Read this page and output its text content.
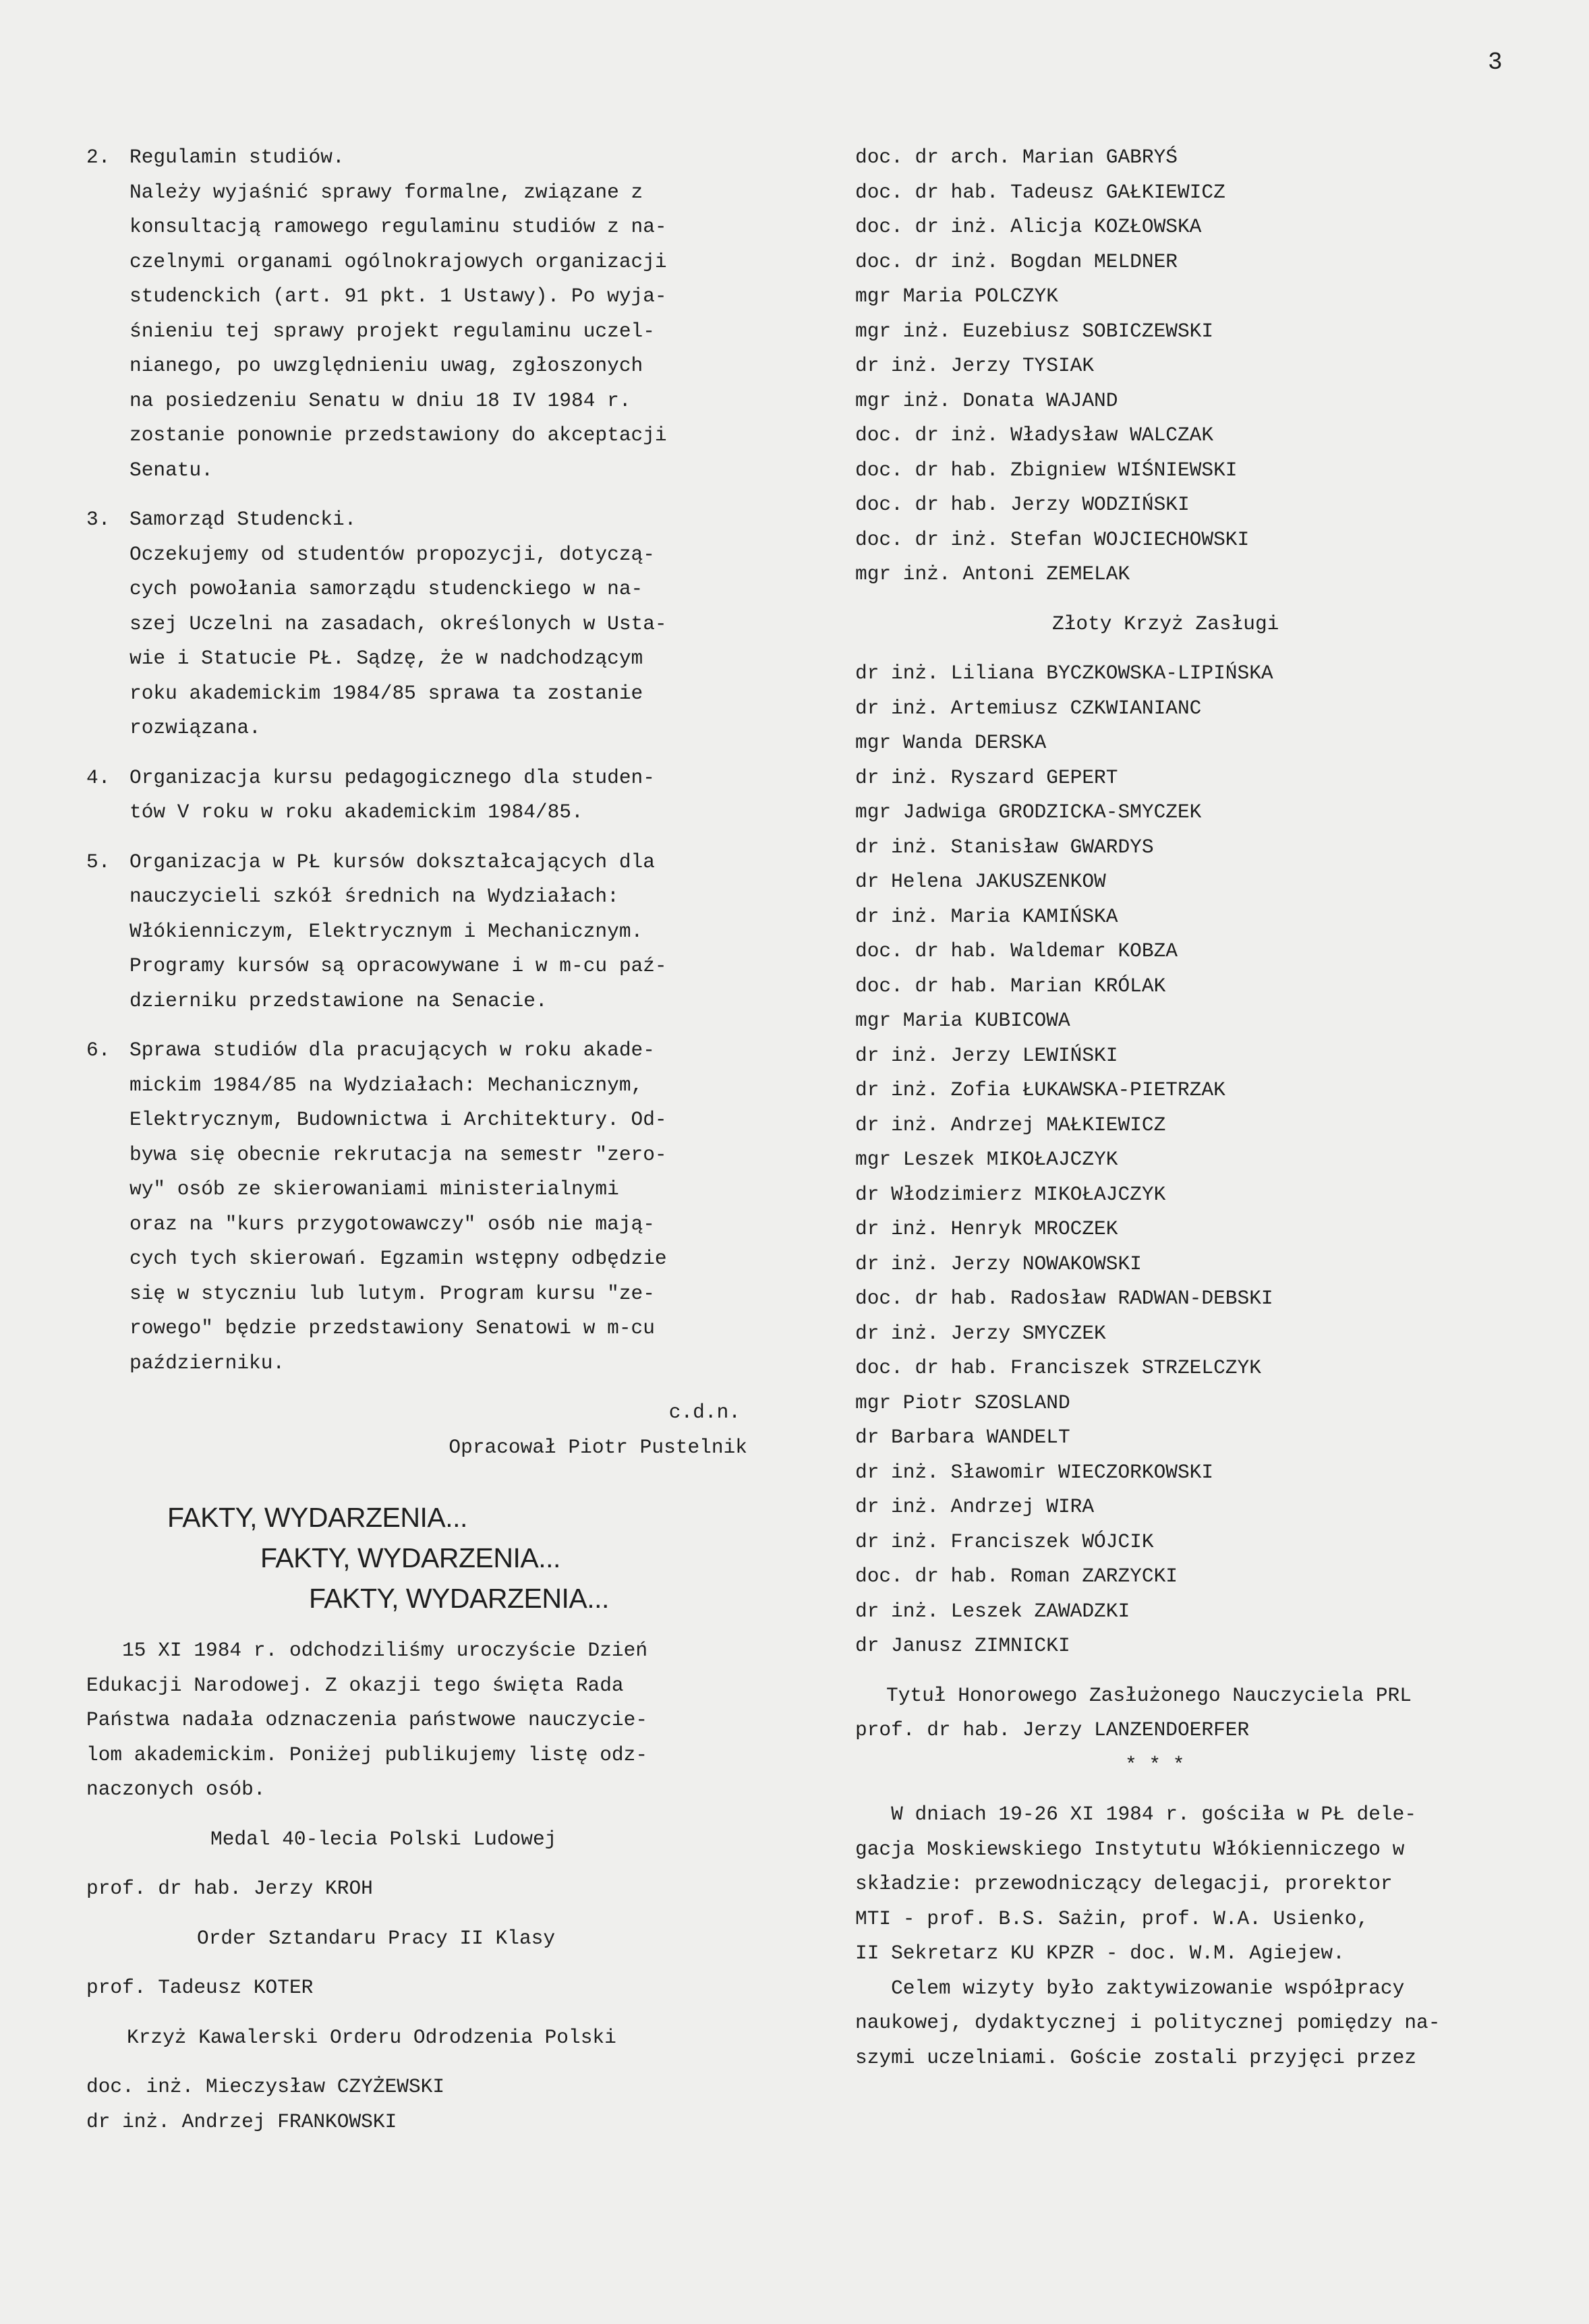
3
2. Regulamin studiów.

Należy wyjaśnić sprawy formalne, związane z

konsultacją ramowego regulaminu studiów z na-

czelnymi organami ogólnokrajowych organizacji

studenckich (art. 91 pkt. 1 Ustawy). Po wyja-

śnieniu tej sprawy projekt regulaminu uczel-

nianego, po uwzględnieniu uwag, zgłoszonych

na posiedzeniu Senatu w dniu 18 IV 1984 r.

zostanie ponownie przedstawiony do akceptacji

Senatu.

3. Samorząd Studencki.

Oczekujemy od studentów propozycji, dotyczą-

cych powołania samorządu studenckiego w na-

szej Uczelni na zasadach, określonych w Usta-

wie i Statucie PŁ. Sądzę, że w nadchodzącym

roku akademickim 1984/85 sprawa ta zostanie

rozwiązana.

4. Organizacja kursu pedagogicznego dla studen-

tów V roku w roku akademickim 1984/85.

5. Organizacja w PŁ kursów dokształcających dla

nauczycieli szkół średnich na Wydziałach:

Włókienniczym, Elektrycznym i Mechanicznym.

Programy kursów są opracowywane i w m-cu paź-

dzierniku przedstawione na Senacie.

6. Sprawa studiów dla pracujących w roku akade-

mickim 1984/85 na Wydziałach: Mechanicznym,

Elektrycznym, Budownictwa i Architektury. Od-

bywa się obecnie rekrutacja na semestr "zero-

wy" osób ze skierowaniami ministerialnymi

oraz na "kurs przygotowawczy" osób nie mają-

cych tych skierowań. Egzamin wstępny odbędzie

się w styczniu lub lutym. Program kursu "ze-

rowego" będzie przedstawiony Senatowi w m-cu

październiku.

c.d.n.

Opracował Piotr Pustelnik

FAKTY, WYDARZENIA...

FAKTY, WYDARZENIA...

FAKTY, WYDARZENIA...

15 XI 1984 r. odchodziliśmy uroczyście Dzień

Edukacji Narodowej. Z okazji tego święta Rada

Państwa nadała odznaczenia państwowe nauczycie-

lom akademickim. Poniżej publikujemy listę odz-

naczonych osób.

Medal 40-lecia Polski Ludowej

prof. dr hab. Jerzy KROH

Order Sztandaru Pracy II Klasy

prof. Tadeusz KOTER

Krzyż Kawalerski Orderu Odrodzenia Polski

doc. inż. Mieczysław CZYŻEWSKI

dr inż. Andrzej FRANKOWSKI

doc. dr arch. Marian GABRYŚ

doc. dr hab. Tadeusz GAŁKIEWICZ

doc. dr inż. Alicja KOZŁOWSKA

doc. dr inż. Bogdan MELDNER

mgr Maria POLCZYK

mgr inż. Euzebiusz SOBICZEWSKI

dr inż. Jerzy TYSIAK

mgr inż. Donata WAJAND

doc. dr inż. Władysław WALCZAK

doc. dr hab. Zbigniew WIŚNIEWSKI

doc. dr hab. Jerzy WODZIŃSKI

doc. dr inż. Stefan WOJCIECHOWSKI

mgr inż. Antoni ZEMELAK

Złoty Krzyż Zasługi

dr inż. Liliana BYCZKOWSKA-LIPIŃSKA

dr inż. Artemiusz CZKWIANIANC

mgr Wanda DERSKA

dr inż. Ryszard GEPERT

mgr Jadwiga GRODZICKA-SMYCZEK

dr inż. Stanisław GWARDYS

dr Helena JAKUSZENKOW

dr inż. Maria KAMIŃSKA

doc. dr hab. Waldemar KOBZA

doc. dr hab. Marian KRÓLAK

mgr Maria KUBICOWA

dr inż. Jerzy LEWIŃSKI

dr inż. Zofia ŁUKAWSKA-PIETRZAK

dr inż. Andrzej MAŁKIEWICZ

mgr Leszek MIKOŁAJCZYK

dr Włodzimierz MIKOŁAJCZYK

dr inż. Henryk MROCZEK

dr inż. Jerzy NOWAKOWSKI

doc. dr hab. Radosław RADWAN-DEBSKI

dr inż. Jerzy SMYCZEK

doc. dr hab. Franciszek STRZELCZYK

mgr Piotr SZOSLAND

dr Barbara WANDELT

dr inż. Sławomir WIECZORKOWSKI

dr inż. Andrzej WIRA

dr inż. Franciszek WÓJCIK

doc. dr hab. Roman ZARZYCKI

dr inż. Leszek ZAWADZKI

dr Janusz ZIMNICKI

Tytuł Honorowego Zasłużonego Nauczyciela PRL

prof. dr hab. Jerzy LANZENDOERFER

* * *

W dniach 19-26 XI 1984 r. gościła w PŁ dele-

gacja Moskiewskiego Instytutu Włókienniczego w

składzie: przewodniczący delegacji, prorektor

MTI - prof. B.S. Sażin, prof. W.A. Usienko,

II Sekretarz KU KPZR - doc. W.M. Agiejew.

Celem wizyty było zaktywizowanie współpracy

naukowej, dydaktycznej i politycznej pomiędzy na-

szymi uczelniami. Goście zostali przyjęci przez
